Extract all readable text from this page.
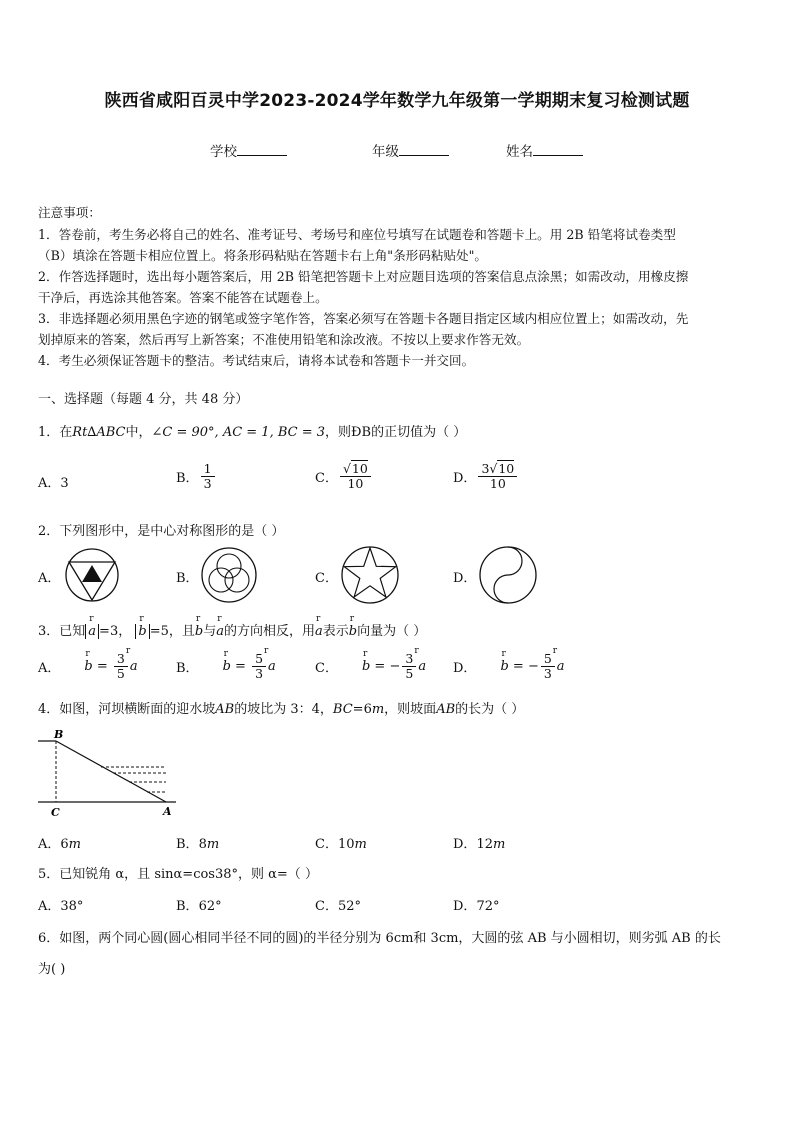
陕西省咸阳百灵中学2023-2024学年数学九年级第一学期期末复习检测试题
学校	年级	姓名
注意事项：
1．答卷前，考生务必将自己的姓名、准考证号、考场号和座位号填写在试题卷和答题卡上。用 2B 铅笔将试卷类型
（B）填涂在答题卡相应位置上。将条形码粘贴在答题卡右上角"条形码粘贴处"。
2．作答选择题时，选出每小题答案后，用 2B 铅笔把答题卡上对应题目选项的答案信息点涂黑；如需改动，用橡皮擦
干净后，再选涂其他答案。答案不能答在试题卷上。
3．非选择题必须用黑色字迹的钢笔或签字笔作答，答案必须写在答题卡各题目指定区域内相应位置上；如需改动，先
划掉原来的答案，然后再写上新答案；不准使用铅笔和涂改液。不按以上要求作答无效。
4．考生必须保证答题卡的整洁。考试结束后，请将本试卷和答题卡一并交回。
一、选择题（每题 4 分，共 48 分）
1．在Rt∆ABC中，∠C = 90°, AC = 1, BC = 3，则ÐB的正切值为（ ）
A．3	B． $\frac{1}{3}$	C． $\frac{√10}{10}$	D． $\frac{3√10}{10}$
2．下列图形中，是中心对称图形的是（ ）
A．	B．	C．	D．
3．已知
r
a =3，
r
b =5，且
r
b与
r
a的方向相反，用
r
a表示
r
b向量为（ ）
A．
r
$b = \frac{3}{5}$
r
a	B．
r
$b = \frac{5}{3}$
r
a	C．
r
b = − $\frac{3}{5}$
r
a D．
r
b = − $\frac{5}{3}$
r
a
4．如图，河坝横断面的迎水坡AB的坡比为 3：4，BC=6m，则坡面AB的长为（ ）
B
C	A
A．6m	B．8m	C．10m	D．12m
5．已知锐角 α，且 sinα=cos38°，则 α=（ ）
A．38°	B．62°	C．52°	D．72°
6．如图，两个同心圆(圆心相同半径不同的圆)的半径分别为 6cm和 3cm，大圆的弦 AB 与小圆相切，则劣弧 AB 的长
为( )
